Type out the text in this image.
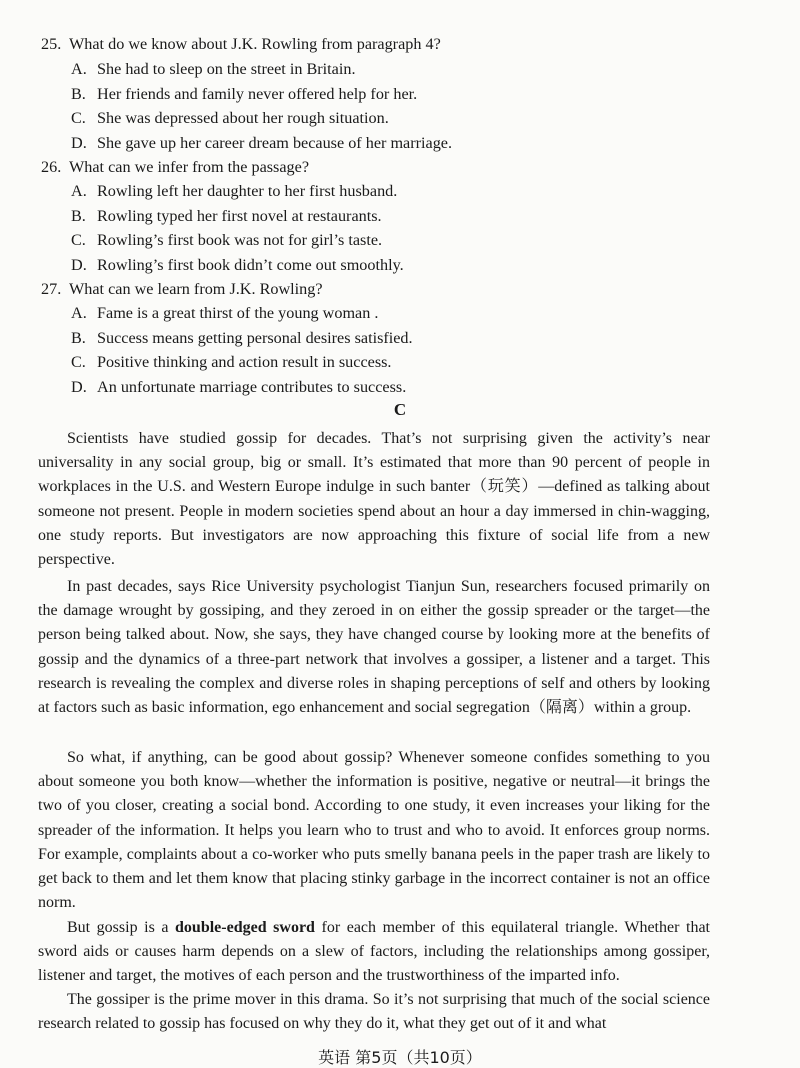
25. What do we know about J.K. Rowling from paragraph 4?
A. She had to sleep on the street in Britain.
B. Her friends and family never offered help for her.
C. She was depressed about her rough situation.
D. She gave up her career dream because of her marriage.
26. What can we infer from the passage?
A. Rowling left her daughter to her first husband.
B. Rowling typed her first novel at restaurants.
C. Rowling’s first book was not for girl’s taste.
D. Rowling’s first book didn’t come out smoothly.
27. What can we learn from J.K. Rowling?
A. Fame is a great thirst of the young woman .
B. Success means getting personal desires satisfied.
C. Positive thinking and action result in success.
D. An unfortunate marriage contributes to success.
C
Scientists have studied gossip for decades. That’s not surprising given the activity’s near universality in any social group, big or small. It’s estimated that more than 90 percent of people in workplaces in the U.S. and Western Europe indulge in such banter（玩笑）—defined as talking about someone not present. People in modern societies spend about an hour a day immersed in chin-wagging, one study reports. But investigators are now approaching this fixture of social life from a new perspective.
In past decades, says Rice University psychologist Tianjun Sun, researchers focused primarily on the damage wrought by gossiping, and they zeroed in on either the gossip spreader or the target—the person being talked about. Now, she says, they have changed course by looking more at the benefits of gossip and the dynamics of a three-part network that involves a gossiper, a listener and a target. This research is revealing the complex and diverse roles in shaping perceptions of self and others by looking at factors such as basic information, ego enhancement and social segregation（隔离）within a group.
So what, if anything, can be good about gossip? Whenever someone confides something to you about someone you both know—whether the information is positive, negative or neutral—it brings the two of you closer, creating a social bond. According to one study, it even increases your liking for the spreader of the information. It helps you learn who to trust and who to avoid. It enforces group norms. For example, complaints about a co-worker who puts smelly banana peels in the paper trash are likely to get back to them and let them know that placing stinky garbage in the incorrect container is not an office norm.
But gossip is a double-edged sword for each member of this equilateral triangle. Whether that sword aids or causes harm depends on a slew of factors, including the relationships among gossiper, listener and target, the motives of each person and the trustworthiness of the imparted info.
The gossiper is the prime mover in this drama. So it’s not surprising that much of the social science research related to gossip has focused on why they do it, what they get out of it and what
英语 第5页（共10页）
